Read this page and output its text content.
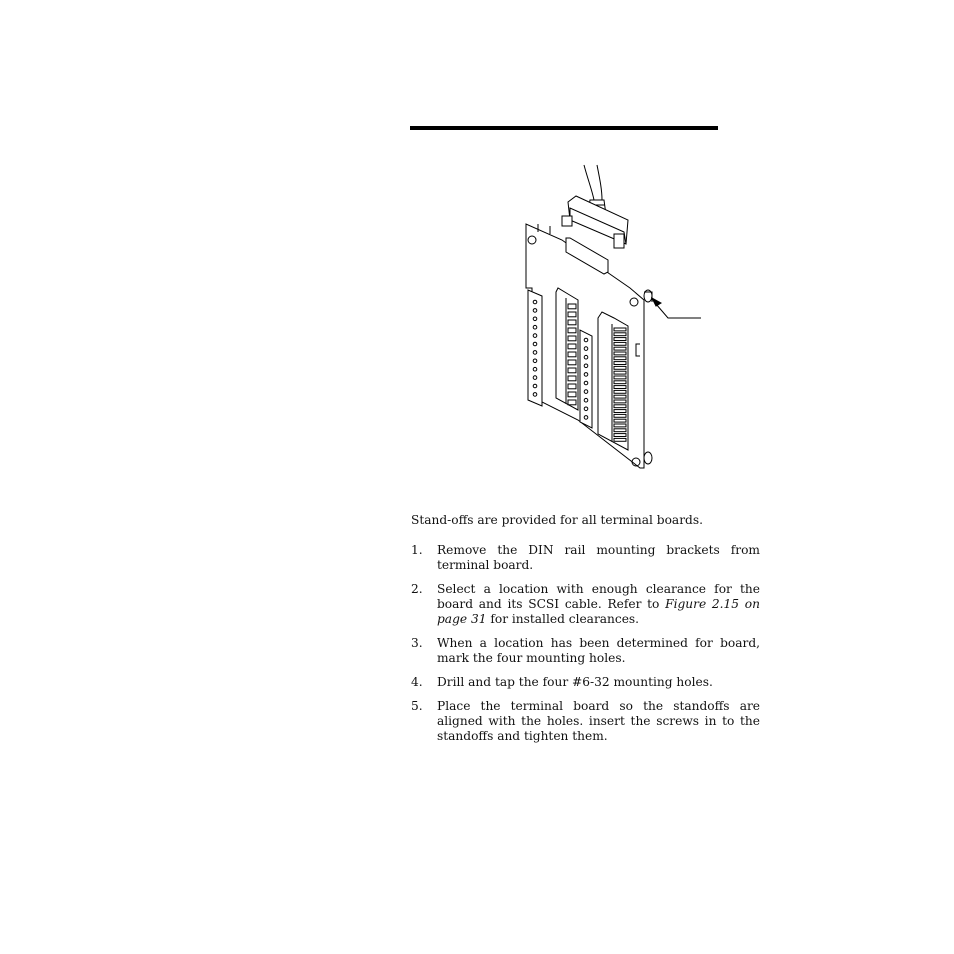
Stand-offs are provided for all terminal boards.

1 .	Remove the DIN rail mounting brackets from terminal board.
2 .	Select a location with enough clearance for the board and its SCSI cable. Refer to Figure 2.15 on page 31 for installed clearances.
3 .	When a location has been determined for board, mark the four mounting holes.
4 .	Drill and tap the four #6-32 mounting holes.
5 .	Place the terminal board so the standoffs are aligned with the holes. insert the screws in to the standoffs and tighten them.
